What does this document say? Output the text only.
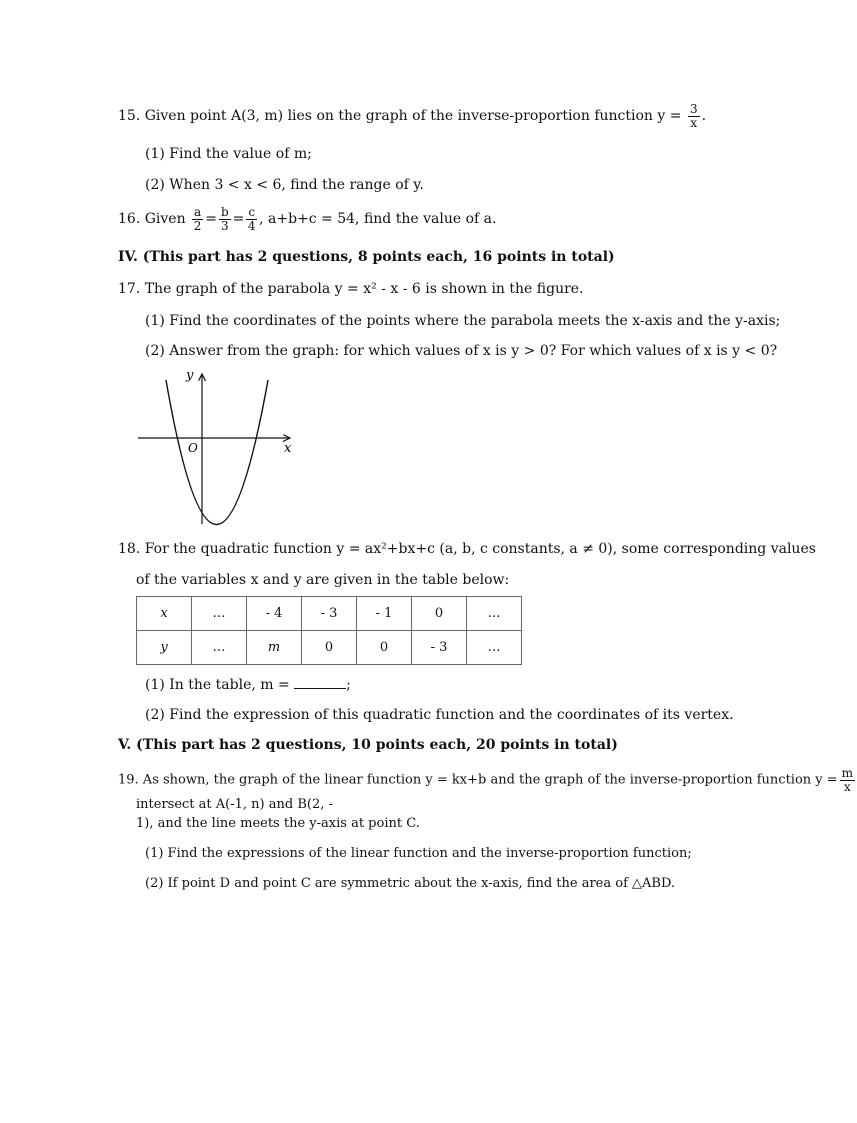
15. Given point A(3, m) lies on the graph of the inverse-proportion function $y = \frac{3}{x}$ .
(1) Find the value of m;
(2) When 3 < x < 6, find the range of y.
16. Given $\frac{a}{2} = \frac{b}{3} = \frac{c}{4}$ , a+b+c = 54, find the value of a.
IV. (This part has 2 questions, 8 points each, 16 points in total)
17. The graph of the parabola y = x² - x - 6 is shown in the figure.
(1) Find the coordinates of the points where the parabola meets the x-axis and the y-axis;
(2) Answer from the graph: for which values of x is y > 0? For which values of x is y < 0?
y
x
O
18. For the quadratic function y = ax²+bx+c (a, b, c constants, a ≠ 0), some corresponding values
of the variables x and y are given in the table below:
x	…	- 4	- 3	- 1	0	…
y	…	m	0	0	- 3	…
(1) In the table, m =	;
(2) Find the expression of this quadratic function and the coordinates of its vertex.
V. (This part has 2 questions, 10 points each, 20 points in total)
19. As shown, the graph of the linear function y = kx+b and the graph of the inverse-proportion function $y = \frac{m}{x}$
intersect at A(-1, n) and B(2, -
1), and the line meets the y-axis at point C.
(1) Find the expressions of the linear function and the inverse-proportion function;
(2) If point D and point C are symmetric about the x-axis, find the area of △ABD.
